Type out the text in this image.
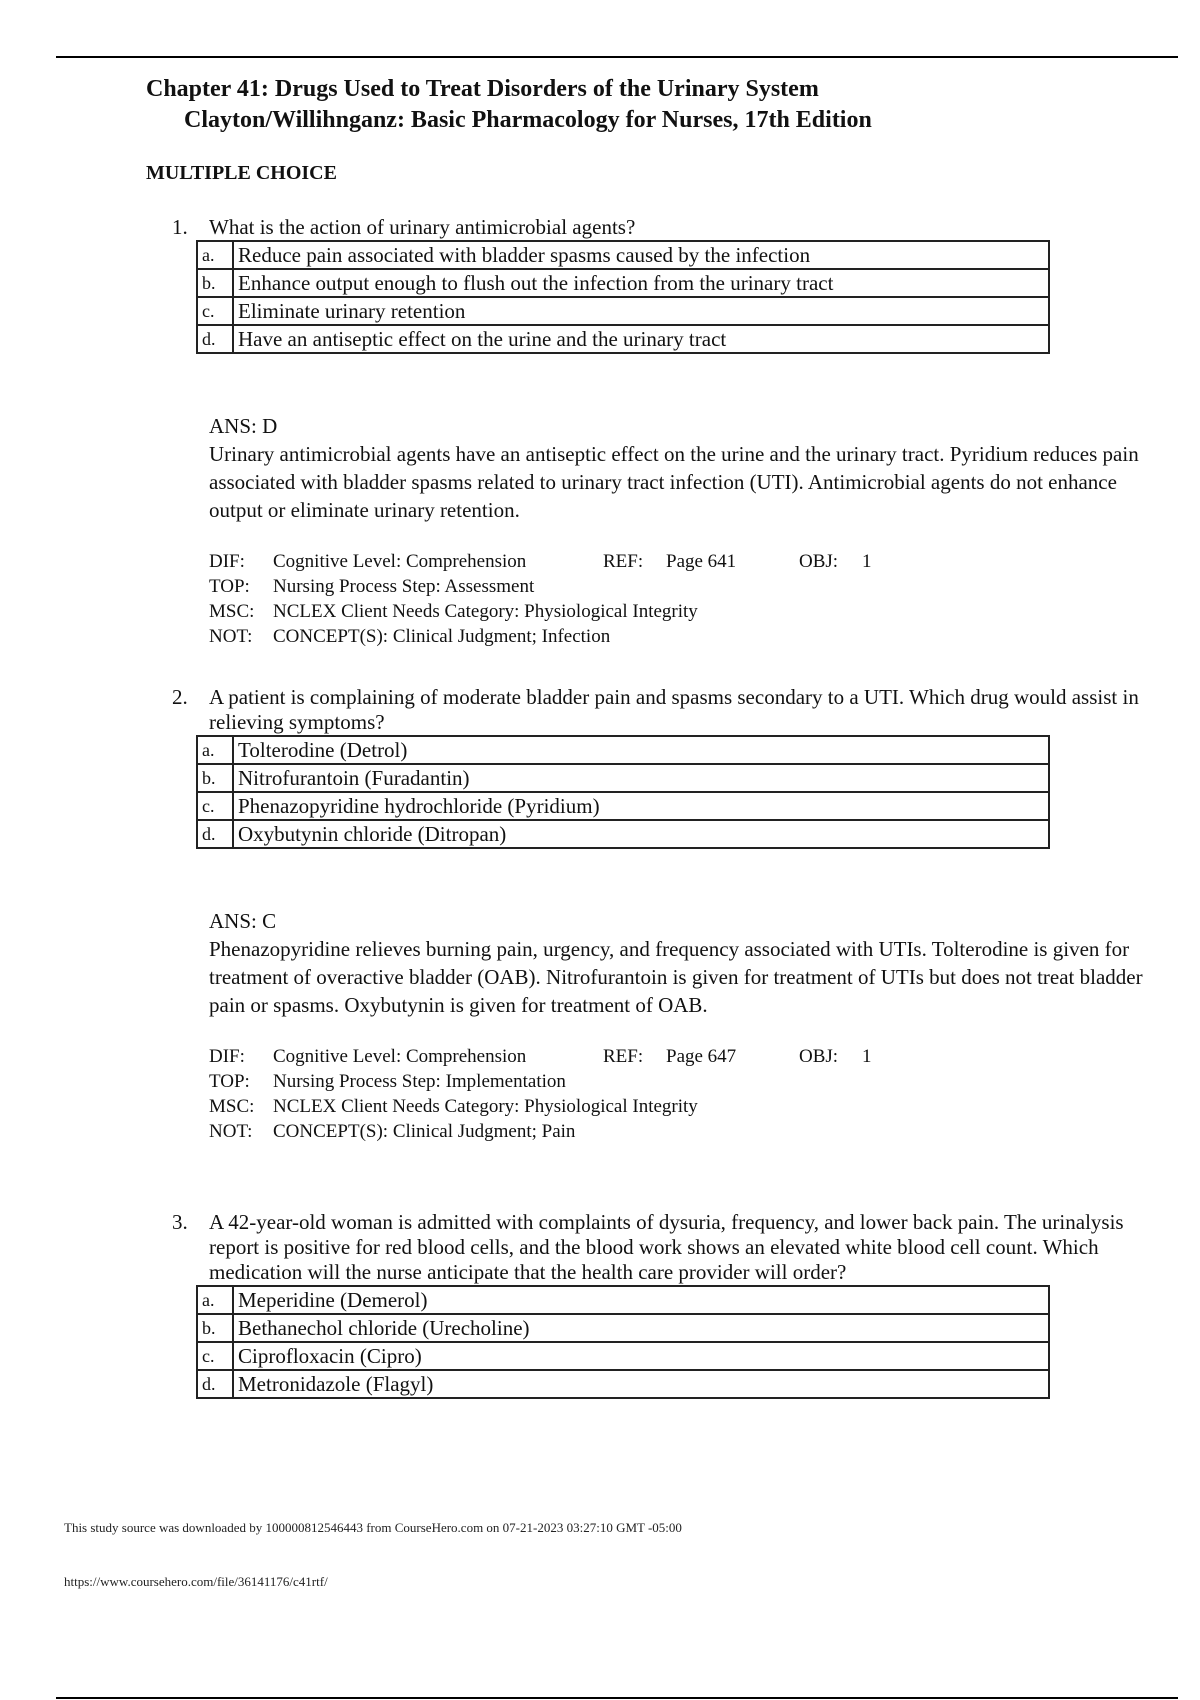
Chapter 41: Drugs Used to Treat Disorders of the Urinary System
Clayton/Willihnganz: Basic Pharmacology for Nurses, 17th Edition
MULTIPLE CHOICE
1. What is the action of urinary antimicrobial agents?
a.	Reduce pain associated with bladder spasms caused by the infection
b.	Enhance output enough to flush out the infection from the urinary tract
c.	Eliminate urinary retention
d.	Have an antiseptic effect on the urine and the urinary tract
ANS: D
Urinary antimicrobial agents have an antiseptic effect on the urine and the urinary tract. Pyridium reduces pain associated with bladder spasms related to urinary tract infection (UTI). Antimicrobial agents do not enhance output or eliminate urinary retention.
DIF: Cognitive Level: Comprehension	REF: Page 641	OBJ: 1
TOP: Nursing Process Step: Assessment
MSC: NCLEX Client Needs Category: Physiological Integrity
NOT: CONCEPT(S): Clinical Judgment; Infection
2. A patient is complaining of moderate bladder pain and spasms secondary to a UTI. Which drug would assist in relieving symptoms?
a.	Tolterodine (Detrol)
b.	Nitrofurantoin (Furadantin)
c.	Phenazopyridine hydrochloride (Pyridium)
d.	Oxybutynin chloride (Ditropan)
ANS: C
Phenazopyridine relieves burning pain, urgency, and frequency associated with UTIs. Tolterodine is given for treatment of overactive bladder (OAB). Nitrofurantoin is given for treatment of UTIs but does not treat bladder pain or spasms. Oxybutynin is given for treatment of OAB.
DIF: Cognitive Level: Comprehension	REF: Page 647	OBJ: 1
TOP: Nursing Process Step: Implementation
MSC: NCLEX Client Needs Category: Physiological Integrity
NOT: CONCEPT(S): Clinical Judgment; Pain
3. A 42-year-old woman is admitted with complaints of dysuria, frequency, and lower back pain. The urinalysis report is positive for red blood cells, and the blood work shows an elevated white blood cell count. Which medication will the nurse anticipate that the health care provider will order?
a.	Meperidine (Demerol)
b.	Bethanechol chloride (Urecholine)
c.	Ciprofloxacin (Cipro)
d.	Metronidazole (Flagyl)
This study source was downloaded by 100000812546443 from CourseHero.com on 07-21-2023 03:27:10 GMT -05:00
https://www.coursehero.com/file/36141176/c41rtf/
